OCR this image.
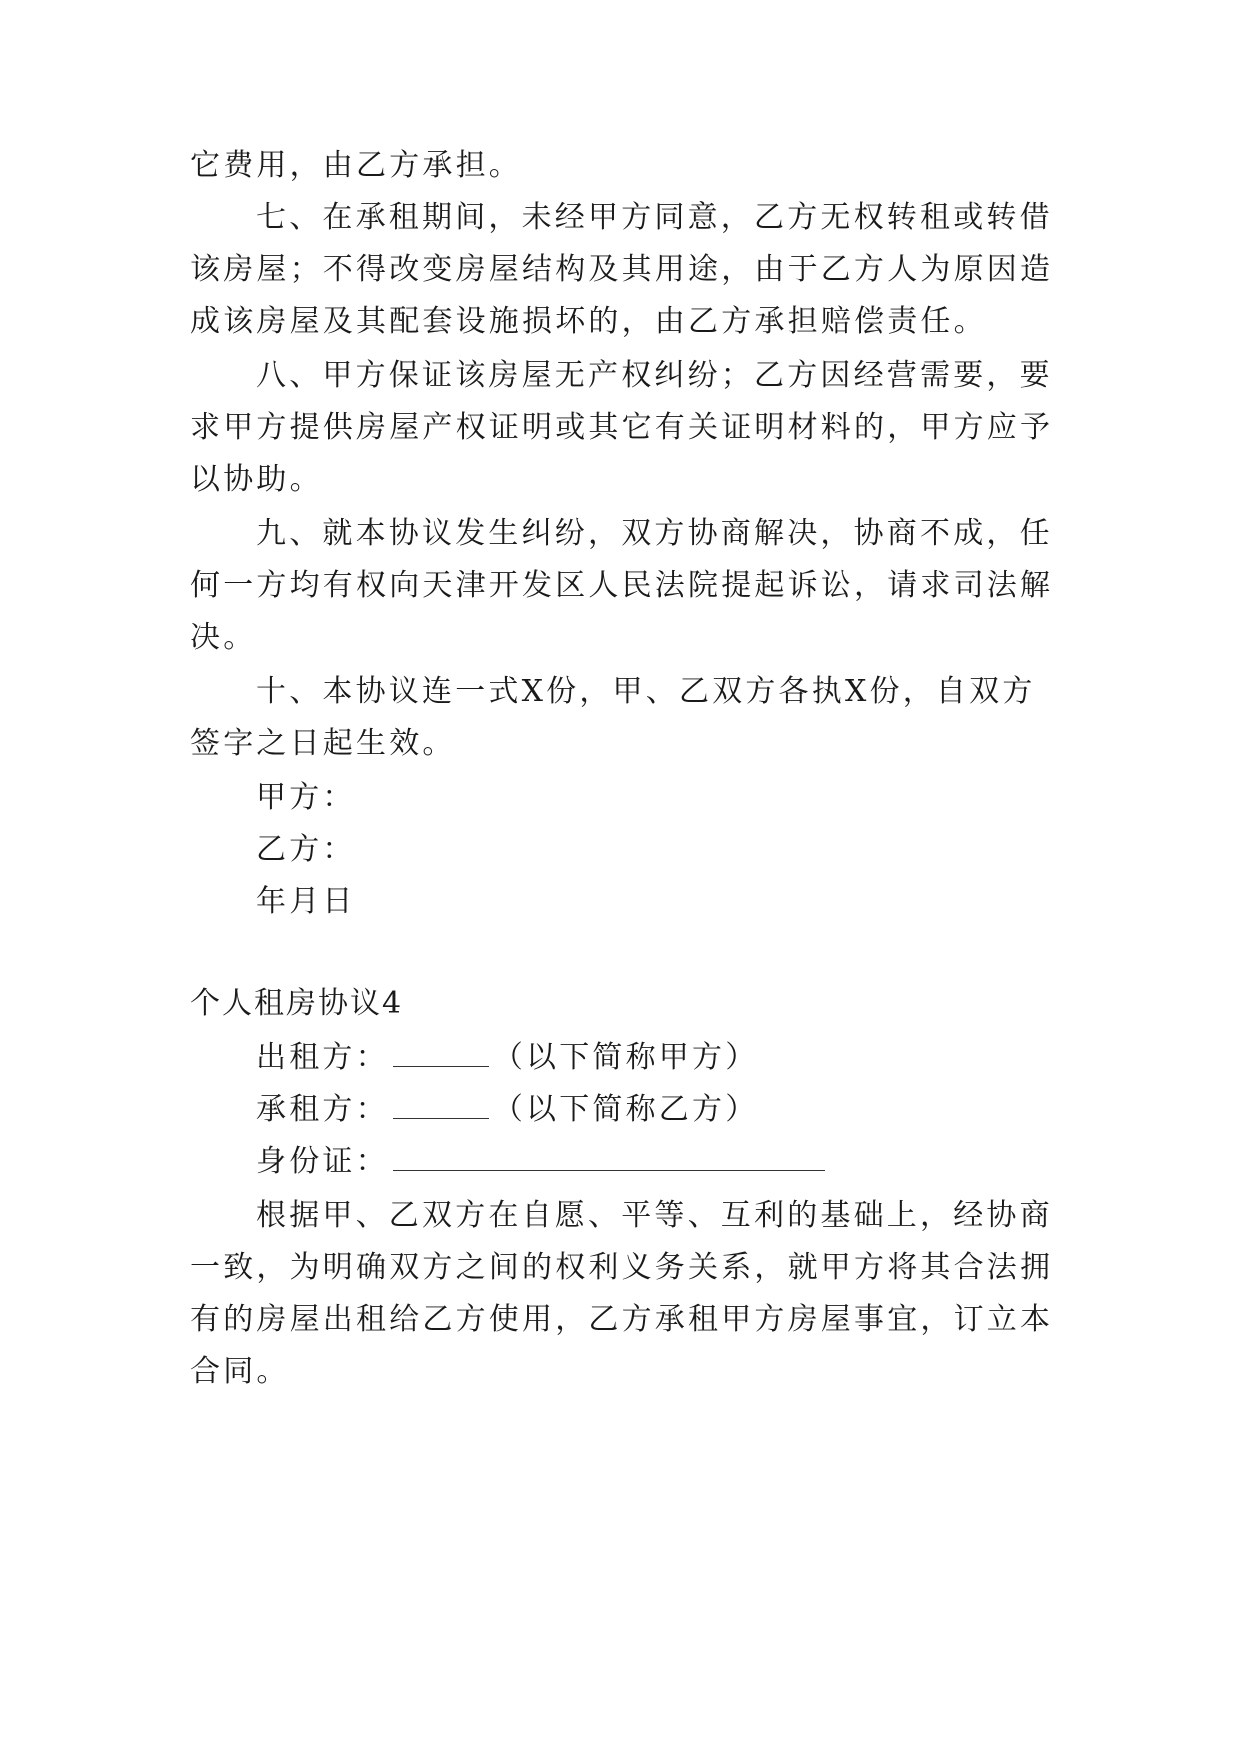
它费用，由乙方承担。
七、在承租期间，未经甲方同意，乙方无权转租或转借
该房屋；不得改变房屋结构及其用途，由于乙方人为原因造
成该房屋及其配套设施损坏的，由乙方承担赔偿责任。
八、甲方保证该房屋无产权纠纷；乙方因经营需要，要
求甲方提供房屋产权证明或其它有关证明材料的，甲方应予
以协助。
九、就本协议发生纠纷，双方协商解决，协商不成，任
何一方均有权向天津开发区人民法院提起诉讼，请求司法解
决。
十、本协议连一式X份，甲、乙双方各执X份，自双方
签字之日起生效。
甲方：
乙方：
年月日
个人租房协议4
出租方：	（以下简称甲方）
承租方：	（以下简称乙方）
身份证：
根据甲、乙双方在自愿、平等、互利的基础上，经协商
一致，为明确双方之间的权利义务关系，就甲方将其合法拥
有的房屋出租给乙方使用，乙方承租甲方房屋事宜，订立本
合同。
